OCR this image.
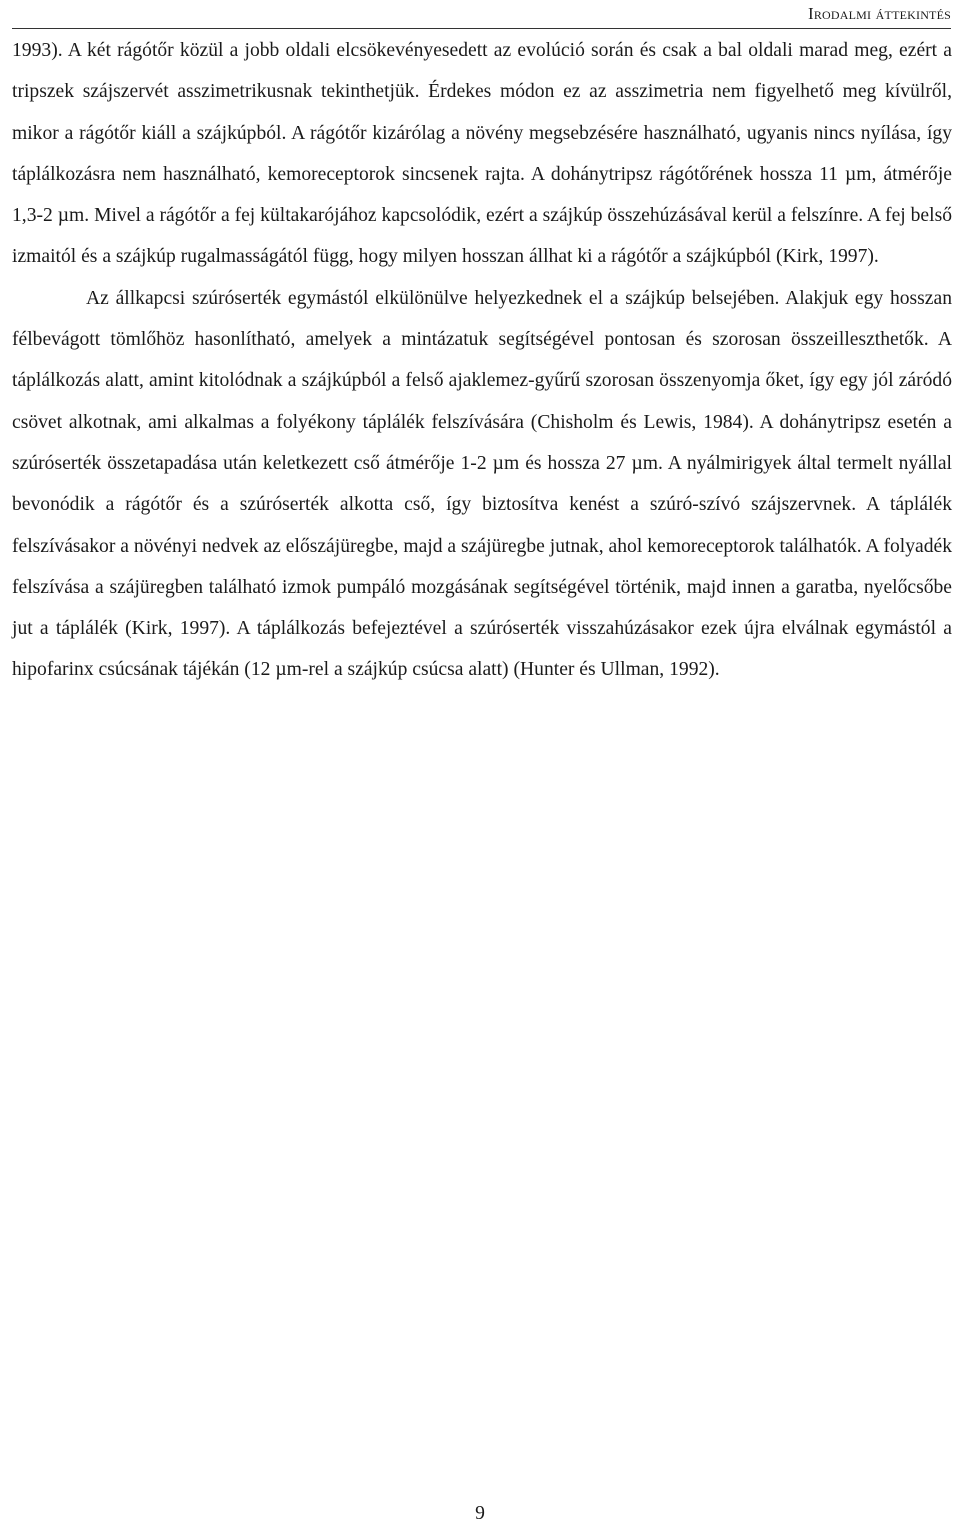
Irodalmi áttekintés

1993). A két rágótőr közül a jobb oldali elcsökevényesedett az evolúció során és csak a bal oldali marad meg, ezért a tripszek szájszervét asszimetrikusnak tekinthetjük. Érdekes módon ez az asszimetria nem figyelhető meg kívülről, mikor a rágótőr kiáll a szájkúpból. A rágótőr kizárólag a növény megsebzésére használható, ugyanis nincs nyílása, így táplálkozásra nem használható, kemoreceptorok sincsenek rajta. A dohánytripsz rágótőrének hossza 11 µm, átmérője 1,3-2 µm. Mivel a rágótőr a fej kültakarójához kapcsolódik, ezért a szájkúp összehúzásával kerül a felszínre. A fej belső izmaitól és a szájkúp rugalmasságától függ, hogy milyen hosszan állhat ki a rágótőr a szájkúpból (Kirk, 1997).

Az állkapcsi szúróserték egymástól elkülönülve helyezkednek el a szájkúp belsejében. Alakjuk egy hosszan félbevágott tömlőhöz hasonlítható, amelyek a mintázatuk segítségével pontosan és szorosan összeilleszthetők. A táplálkozás alatt, amint kitolódnak a szájkúpból a felső ajaklemez-gyűrű szorosan összenyomja őket, így egy jól záródó csövet alkotnak, ami alkalmas a folyékony táplálék felszívására (Chisholm és Lewis, 1984). A dohánytripsz esetén a szúróserték összetapadása után keletkezett cső átmérője 1-2 µm és hossza 27 µm. A nyálmirigyek által termelt nyállal bevonódik a rágótőr és a szúróserték alkotta cső, így biztosítva kenést a szúró-szívó szájszervnek. A táplálék felszívásakor a növényi nedvek az előszájüregbe, majd a szájüregbe jutnak, ahol kemoreceptorok találhatók. A folyadék felszívása a szájüregben található izmok pumpáló mozgásának segítségével történik, majd innen a garatba, nyelőcsőbe jut a táplálék (Kirk, 1997). A táplálkozás befejeztével a szúróserték visszahúzásakor ezek újra elválnak egymástól a hipofarinx csúcsának tájékán (12 µm-rel a szájkúp csúcsa alatt) (Hunter és Ullman, 1992).

9
